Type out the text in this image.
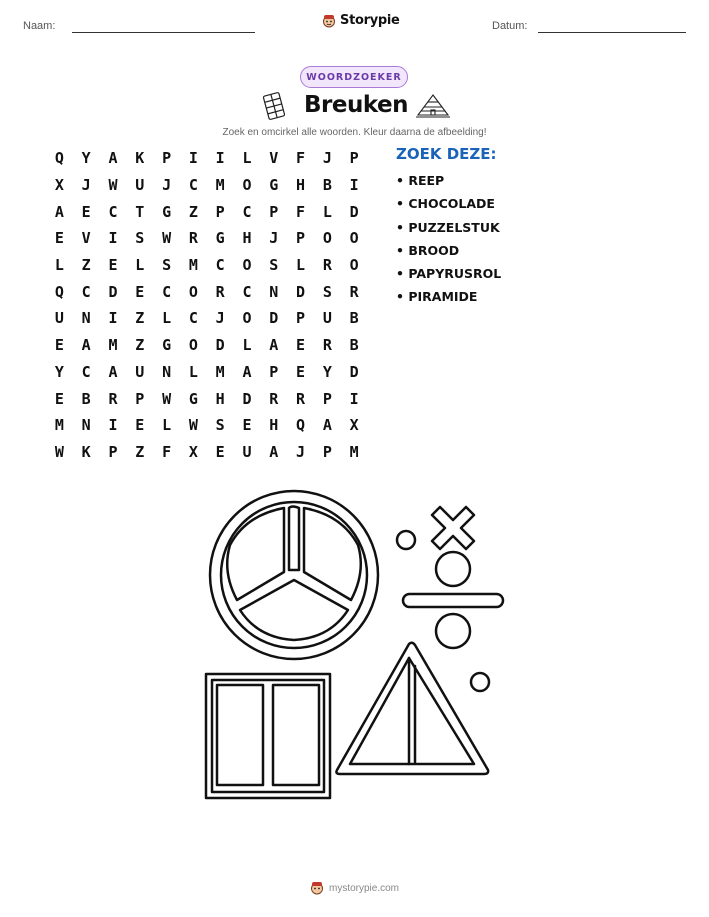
Naam:	Storypie	Datum:
WOORDZOEKER
Breuken
Zoek en omcirkel alle woorden. Kleur daarna de afbeelding!
Q	Y	A	K	P	I	I	L	V	F	J	P
X	J	W	U	J	C	M	O	G	H	B	I
A	E	C	T	G	Z	P	C	P	F	L	D
E	V	I	S	W	R	G	H	J	P	O	O
L	Z	E	L	S	M	C	O	S	L	R	O
Q	C	D	E	C	O	R	C	N	D	S	R
U	N	I	Z	L	C	J	O	D	P	U	B
E	A	M	Z	G	O	D	L	A	E	R	B
Y	C	A	U	N	L	M	A	P	E	Y	D
E	B	R	P	W	G	H	D	R	R	P	I
M	N	I	E	L	W	S	E	H	Q	A	X
W	K	P	Z	F	X	E	U	A	J	P	M
ZOEK DEZE:
• REEP
• CHOCOLADE
• PUZZELSTUK
• BROOD
• PAPYRUSROL
• PIRAMIDE
mystorypie.com
